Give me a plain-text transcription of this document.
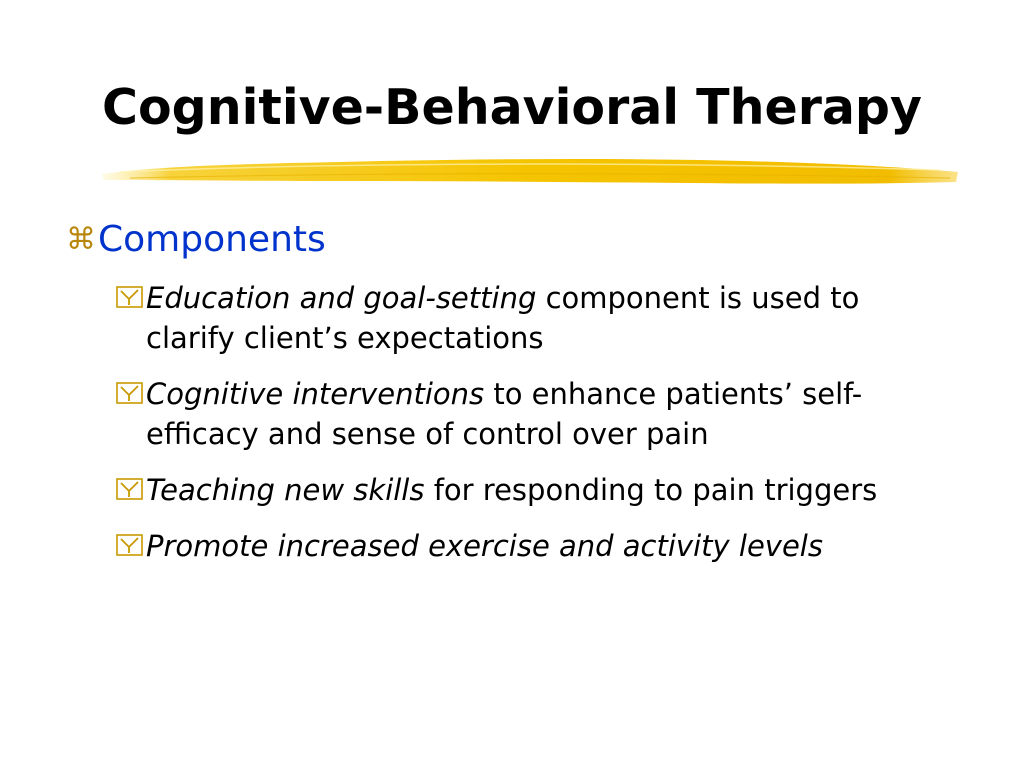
Cognitive-Behavioral Therapy
⌘ Components
Education and goal-setting component is used to clarify client’s expectations
Cognitive interventions to enhance patients’ self-efficacy and sense of control over pain
Teaching new skills for responding to pain triggers
Promote increased exercise and activity levels
